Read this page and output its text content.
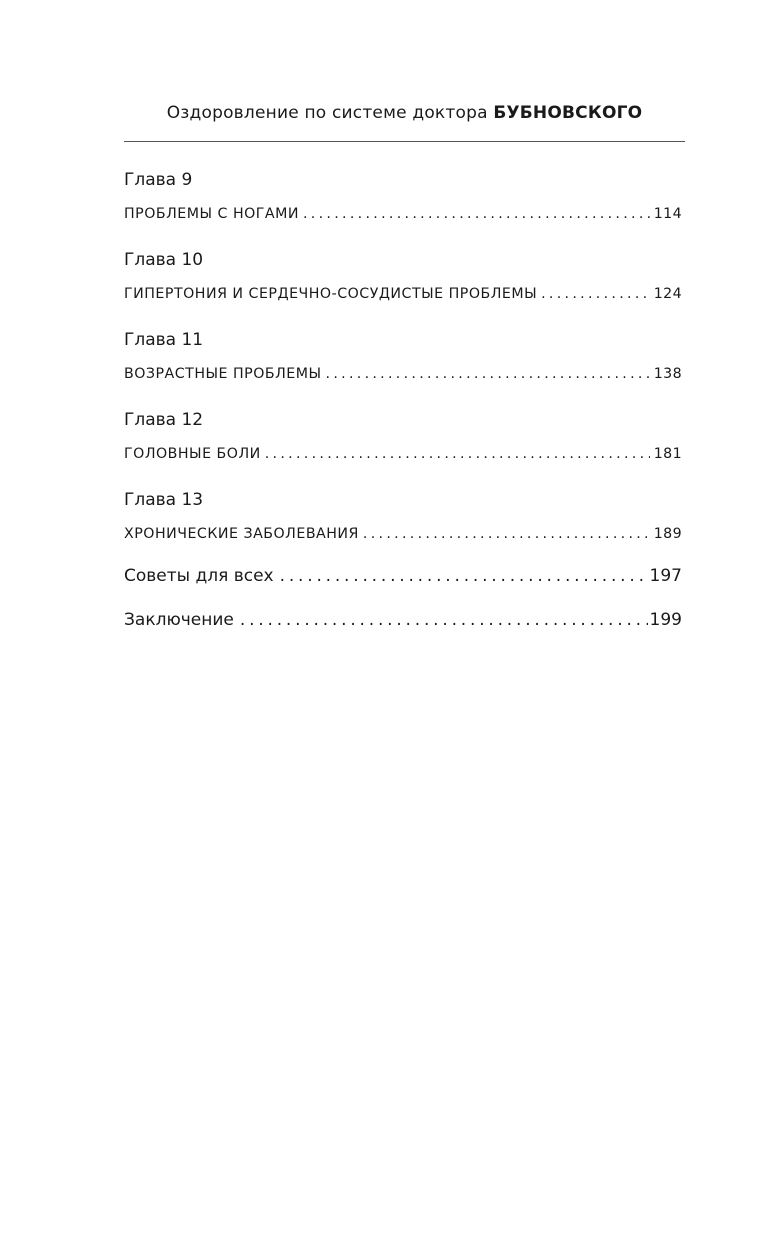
Оздоровление по системе доктора БУБНОВСКОГО
Глава 9
ПРОБЛЕМЫ С НОГАМИ .....	114
Глава 10
ГИПЕРТОНИЯ И СЕРДЕЧНО-СОСУДИСТЫЕ ПРОБЛЕМЫ .....	124
Глава 11
ВОЗРАСТНЫЕ ПРОБЛЕМЫ .....	138
Глава 12
ГОЛОВНЫЕ БОЛИ .....	181
Глава 13
ХРОНИЧЕСКИЕ ЗАБОЛЕВАНИЯ .....	189
Советы для всех .....	197
Заключение .....	199
